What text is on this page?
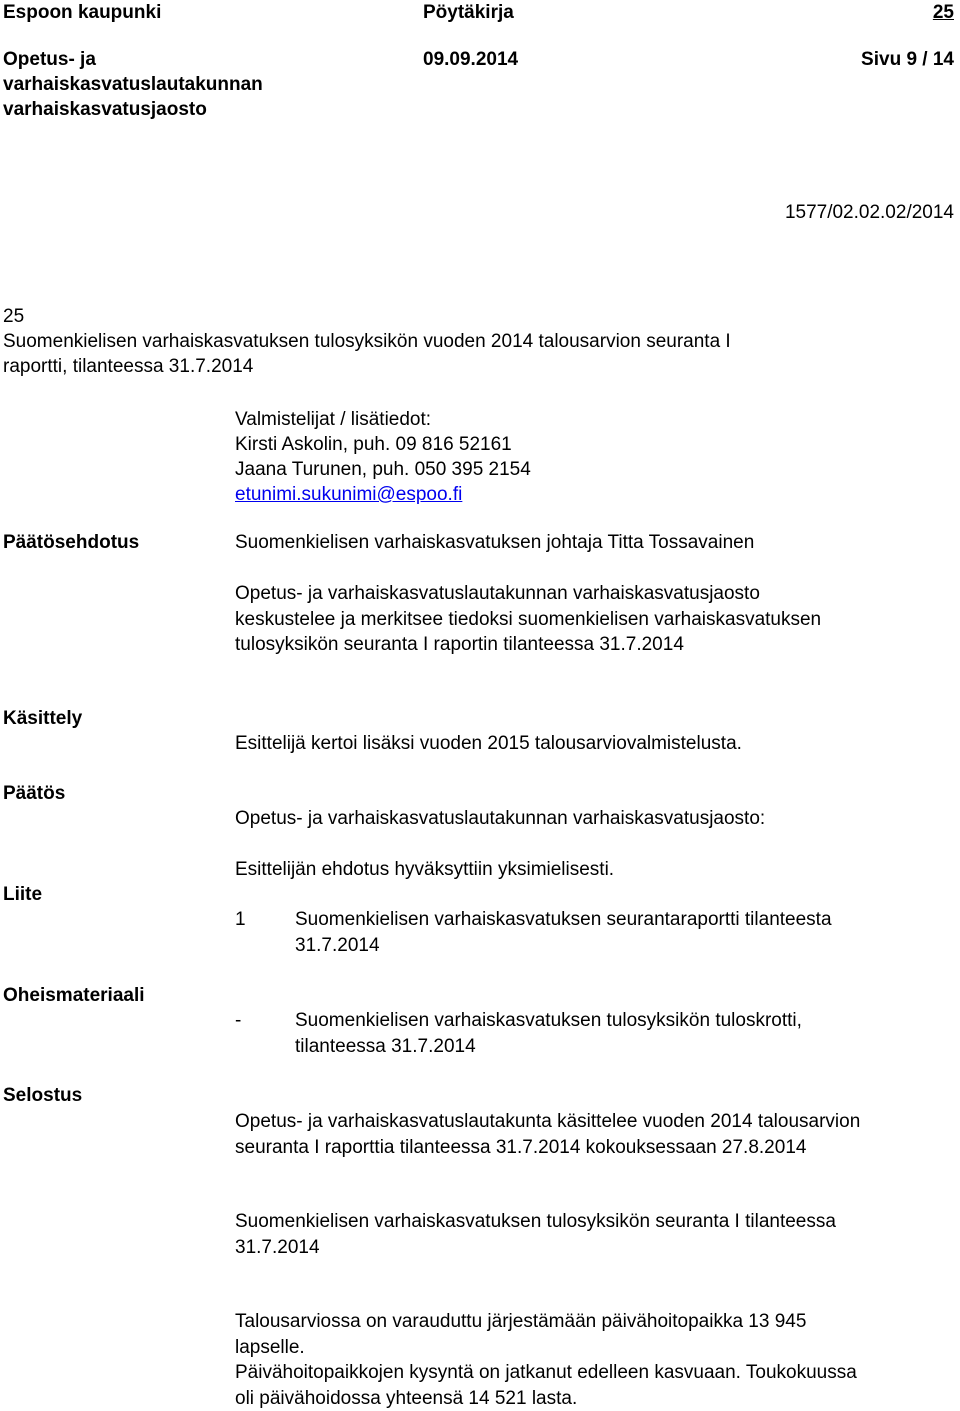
Espoon kaupunki	Pöytäkirja	25
Opetus- ja
varhaiskasvatuslautakunnan
varhaiskasvatusjaosto
09.09.2014	Sivu 9 / 14
1577/02.02.02/2014
25
Suomenkielisen varhaiskasvatuksen tulosyksikön vuoden 2014 talousarvion seuranta I
raportti, tilanteessa 31.7.2014
Valmistelijat / lisätiedot:
Kirsti Askolin, puh. 09 816 52161
Jaana Turunen, puh. 050 395 2154
etunimi.sukunimi@espoo.fi
Päätösehdotus	Suomenkielisen varhaiskasvatuksen johtaja Titta Tossavainen
Opetus- ja varhaiskasvatuslautakunnan varhaiskasvatusjaosto
keskustelee ja merkitsee tiedoksi suomenkielisen varhaiskasvatuksen
tulosyksikön seuranta I raportin tilanteessa 31.7.2014
Käsittely
Esittelijä kertoi lisäksi vuoden 2015 talousarviovalmistelusta.
Päätös
Opetus- ja varhaiskasvatuslautakunnan varhaiskasvatusjaosto:
Esittelijän ehdotus hyväksyttiin yksimielisesti.
Liite
1	Suomenkielisen varhaiskasvatuksen seurantaraportti tilanteesta
31.7.2014
Oheismateriaali
-	Suomenkielisen varhaiskasvatuksen tulosyksikön tuloskrotti,
tilanteessa 31.7.2014
Selostus
Opetus- ja varhaiskasvatuslautakunta käsittelee vuoden 2014 talousarvion
seuranta I raporttia tilanteessa 31.7.2014 kokouksessaan 27.8.2014
Suomenkielisen varhaiskasvatuksen tulosyksikön seuranta I tilanteessa
31.7.2014
Talousarviossa on varauduttu järjestämään päivähoitopaikka 13 945
lapselle.
Päivähoitopaikkojen kysyntä on jatkanut edelleen kasvuaan. Toukokuussa
oli päivähoidossa yhteensä 14 521 lasta.
